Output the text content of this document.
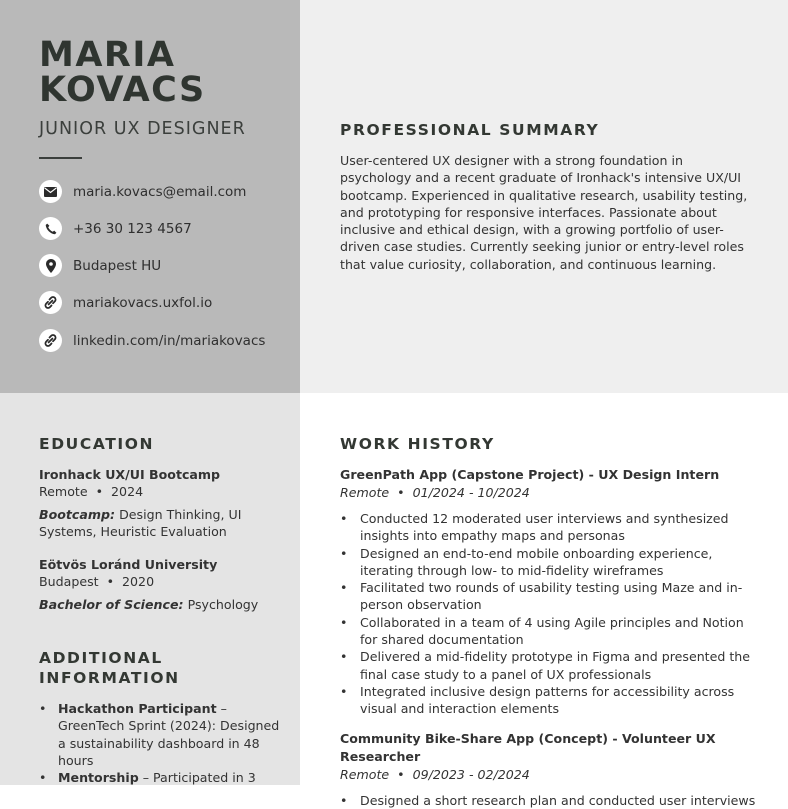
MARIA
KOVACS
JUNIOR UX DESIGNER
maria.kovacs@email.com
+36 30 123 4567
Budapest HU
mariakovacs.uxfol.io
linkedin.com/in/mariakovacs
PROFESSIONAL SUMMARY
User-centered UX designer with a strong foundation in psychology and a recent graduate of Ironhack's intensive UX/UI bootcamp. Experienced in qualitative research, usability testing, and prototyping for responsive interfaces. Passionate about inclusive and ethical design, with a growing portfolio of user-driven case studies. Currently seeking junior or entry-level roles that value curiosity, collaboration, and continuous learning.
EDUCATION
Ironhack UX/UI Bootcamp
Remote  •  2024
Bootcamp: Design Thinking, UI Systems, Heuristic Evaluation
Eötvös Loránd University
Budapest  •  2020
Bachelor of Science: Psychology
ADDITIONAL
INFORMATION
• Hackathon Participant – GreenTech Sprint (2024): Designed a sustainability dashboard in 48 hours
• Mentorship – Participated in 3
WORK HISTORY
GreenPath App (Capstone Project) - UX Design Intern
Remote  •  01/2024 - 10/2024
• Conducted 12 moderated user interviews and synthesized insights into empathy maps and personas
• Designed an end-to-end mobile onboarding experience, iterating through low- to mid-fidelity wireframes
• Facilitated two rounds of usability testing using Maze and in-person observation
• Collaborated in a team of 4 using Agile principles and Notion for shared documentation
• Delivered a mid-fidelity prototype in Figma and presented the final case study to a panel of UX professionals
• Integrated inclusive design patterns for accessibility across visual and interaction elements
Community Bike-Share App (Concept) - Volunteer UX Researcher
Remote  •  09/2023 - 02/2024
• Designed a short research plan and conducted user interviews
